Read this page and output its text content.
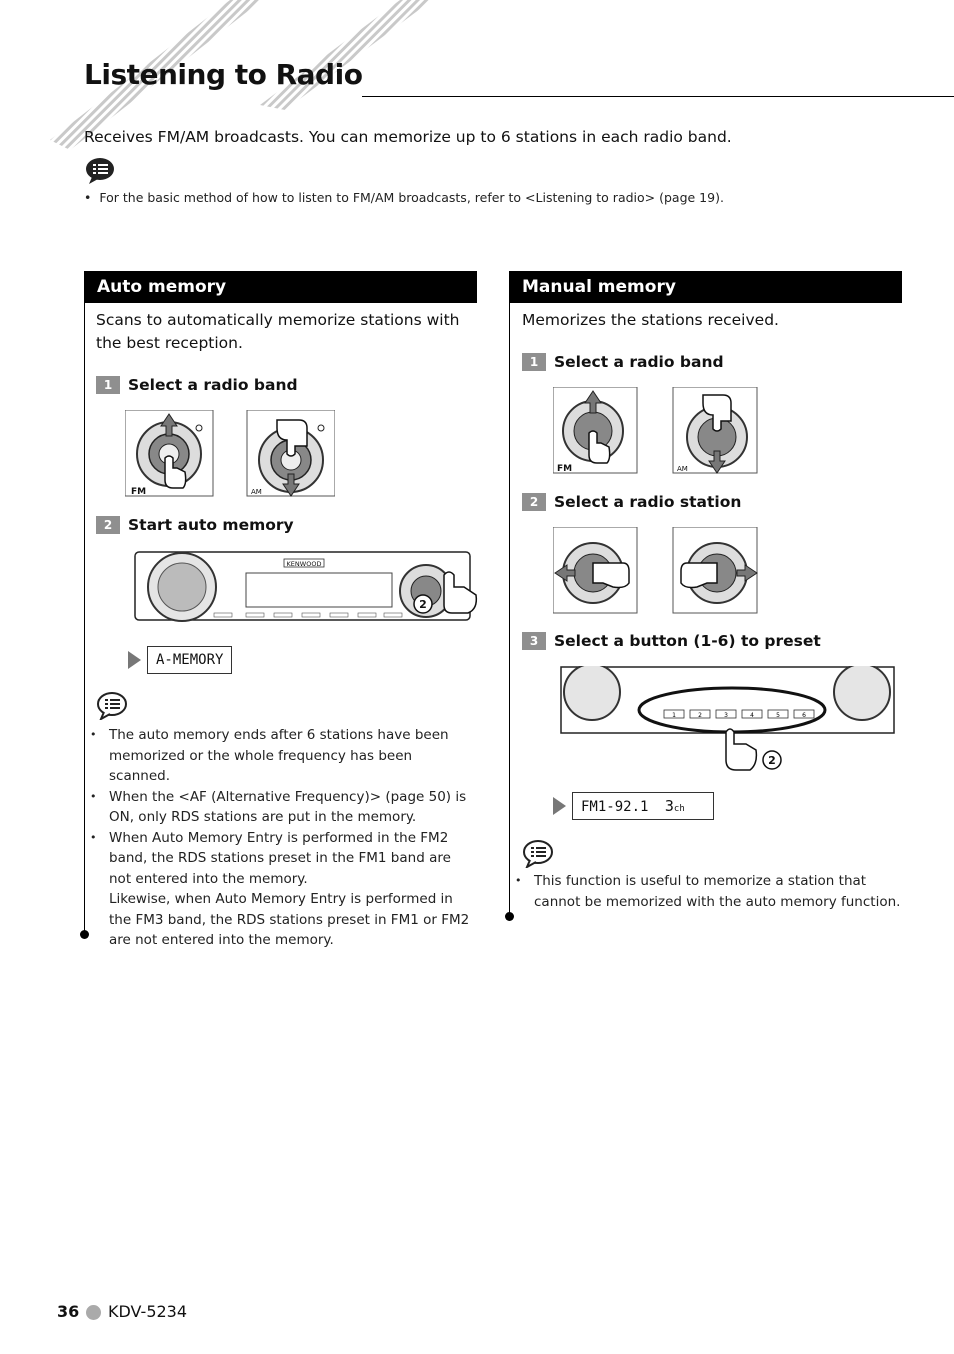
Listening to Radio
Receives FM/AM broadcasts. You can memorize up to 6 stations in each radio band.
• For the basic method of how to listen to FM/AM broadcasts, refer to <Listening to radio> (page 19).
Auto memory
Scans to automatically memorize stations with the best reception.
1 Select a radio band
FM	AM
2 Start auto memory
KENWOOD
2
A-MEMORY
• The auto memory ends after 6 stations have been memorized or the whole frequency has been scanned.
• When the <AF (Alternative Frequency)> (page 50) is ON, only RDS stations are put in the memory.
• When Auto Memory Entry is performed in the FM2 band, the RDS stations preset in the FM1 band are not entered into the memory.
Likewise, when Auto Memory Entry is performed in the FM3 band, the RDS stations preset in FM1 or FM2 are not entered into the memory.
Manual memory
Memorizes the stations received.
1 Select a radio band
FM	AM
2 Select a radio station
3 Select a button (1-6) to preset
1	2	3	4	5	6
2
FM1-92.1 3ch
• This function is useful to memorize a station that cannot be memorized with the auto memory function.
36 KDV-5234
